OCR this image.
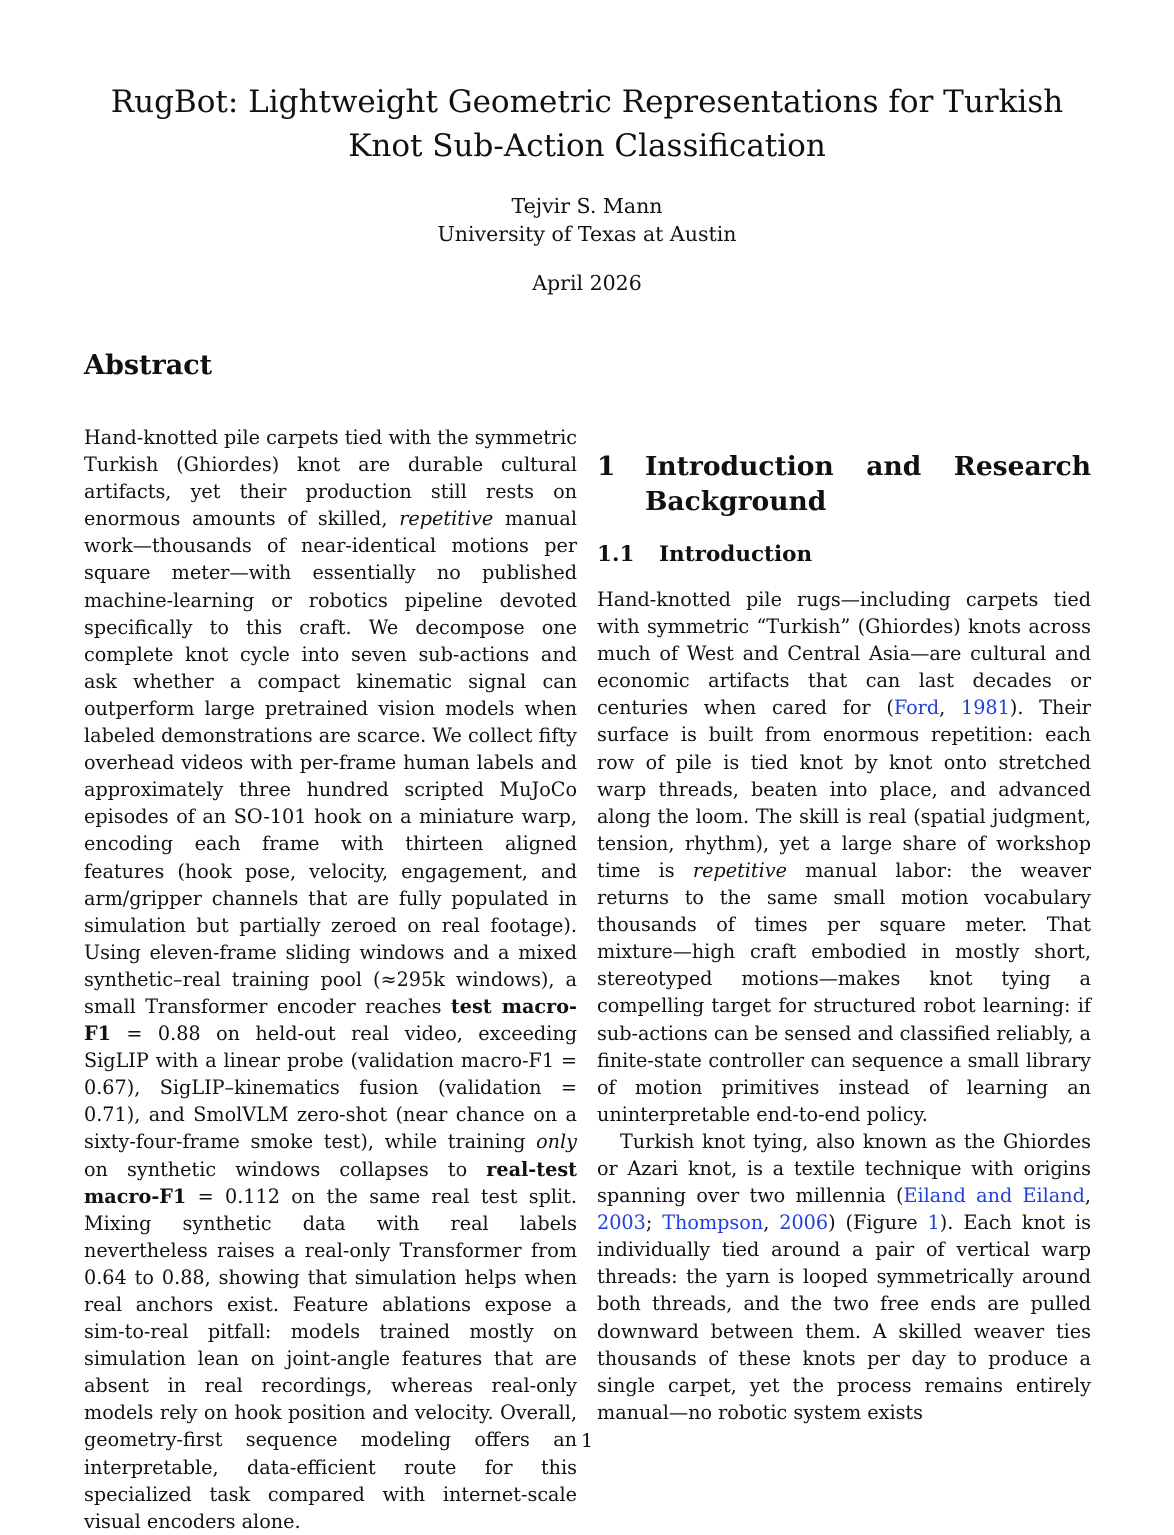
RugBot: Lightweight Geometric Representations for Turkish Knot Sub-Action Classification
Tejvir S. Mann
University of Texas at Austin
April 2026
Abstract

Hand-knotted pile carpets tied with the symmetric Turkish (Ghiordes) knot are durable cultural artifacts, yet their production still rests on enormous amounts of skilled, repetitive manual work—thousands of near-identical motions per square meter—with essentially no published machine-learning or robotics pipeline devoted specifically to this craft. We decompose one complete knot cycle into seven sub-actions and ask whether a compact kinematic signal can outperform large pretrained vision models when labeled demonstrations are scarce. We collect fifty overhead videos with per-frame human labels and approximately three hundred scripted MuJoCo episodes of an SO-101 hook on a miniature warp, encoding each frame with thirteen aligned features (hook pose, velocity, engagement, and arm/gripper channels that are fully populated in simulation but partially zeroed on real footage). Using eleven-frame sliding windows and a mixed synthetic–real training pool (≈295k windows), a small Transformer encoder reaches test macro-F1 = 0.88 on held-out real video, exceeding SigLIP with a linear probe (validation macro-F1 = 0.67), SigLIP–kinematics fusion (validation = 0.71), and SmolVLM zero-shot (near chance on a sixty-four-frame smoke test), while training only on synthetic windows collapses to real-test macro-F1 = 0.112 on the same real test split. Mixing synthetic data with real labels nevertheless raises a real-only Transformer from 0.64 to 0.88, showing that simulation helps when real anchors exist. Feature ablations expose a sim-to-real pitfall: models trained mostly on simulation lean on joint-angle features that are absent in real recordings, whereas real-only models rely on hook position and velocity. Overall, geometry-first sequence modeling offers an interpretable, data-efficient route for this specialized task compared with internet-scale visual encoders alone.

1	Introduction and Research Background
1.1	Introduction

Hand-knotted pile rugs—including carpets tied with symmetric “Turkish” (Ghiordes) knots across much of West and Central Asia—are cultural and economic artifacts that can last decades or centuries when cared for (Ford, 1981). Their surface is built from enormous repetition: each row of pile is tied knot by knot onto stretched warp threads, beaten into place, and advanced along the loom. The skill is real (spatial judgment, tension, rhythm), yet a large share of workshop time is repetitive manual labor: the weaver returns to the same small motion vocabulary thousands of times per square meter. That mixture—high craft embodied in mostly short, stereotyped motions—makes knot tying a compelling target for structured robot learning: if sub-actions can be sensed and classified reliably, a finite-state controller can sequence a small library of motion primitives instead of learning an uninterpretable end-to-end policy.

Turkish knot tying, also known as the Ghiordes or Azari knot, is a textile technique with origins spanning over two millennia (Eiland and Eiland, 2003; Thompson, 2006) (Figure 1). Each knot is individually tied around a pair of vertical warp threads: the yarn is looped symmetrically around both threads, and the two free ends are pulled downward between them. A skilled weaver ties thousands of these knots per day to produce a single carpet, yet the process remains entirely manual—no robotic system exists

1
